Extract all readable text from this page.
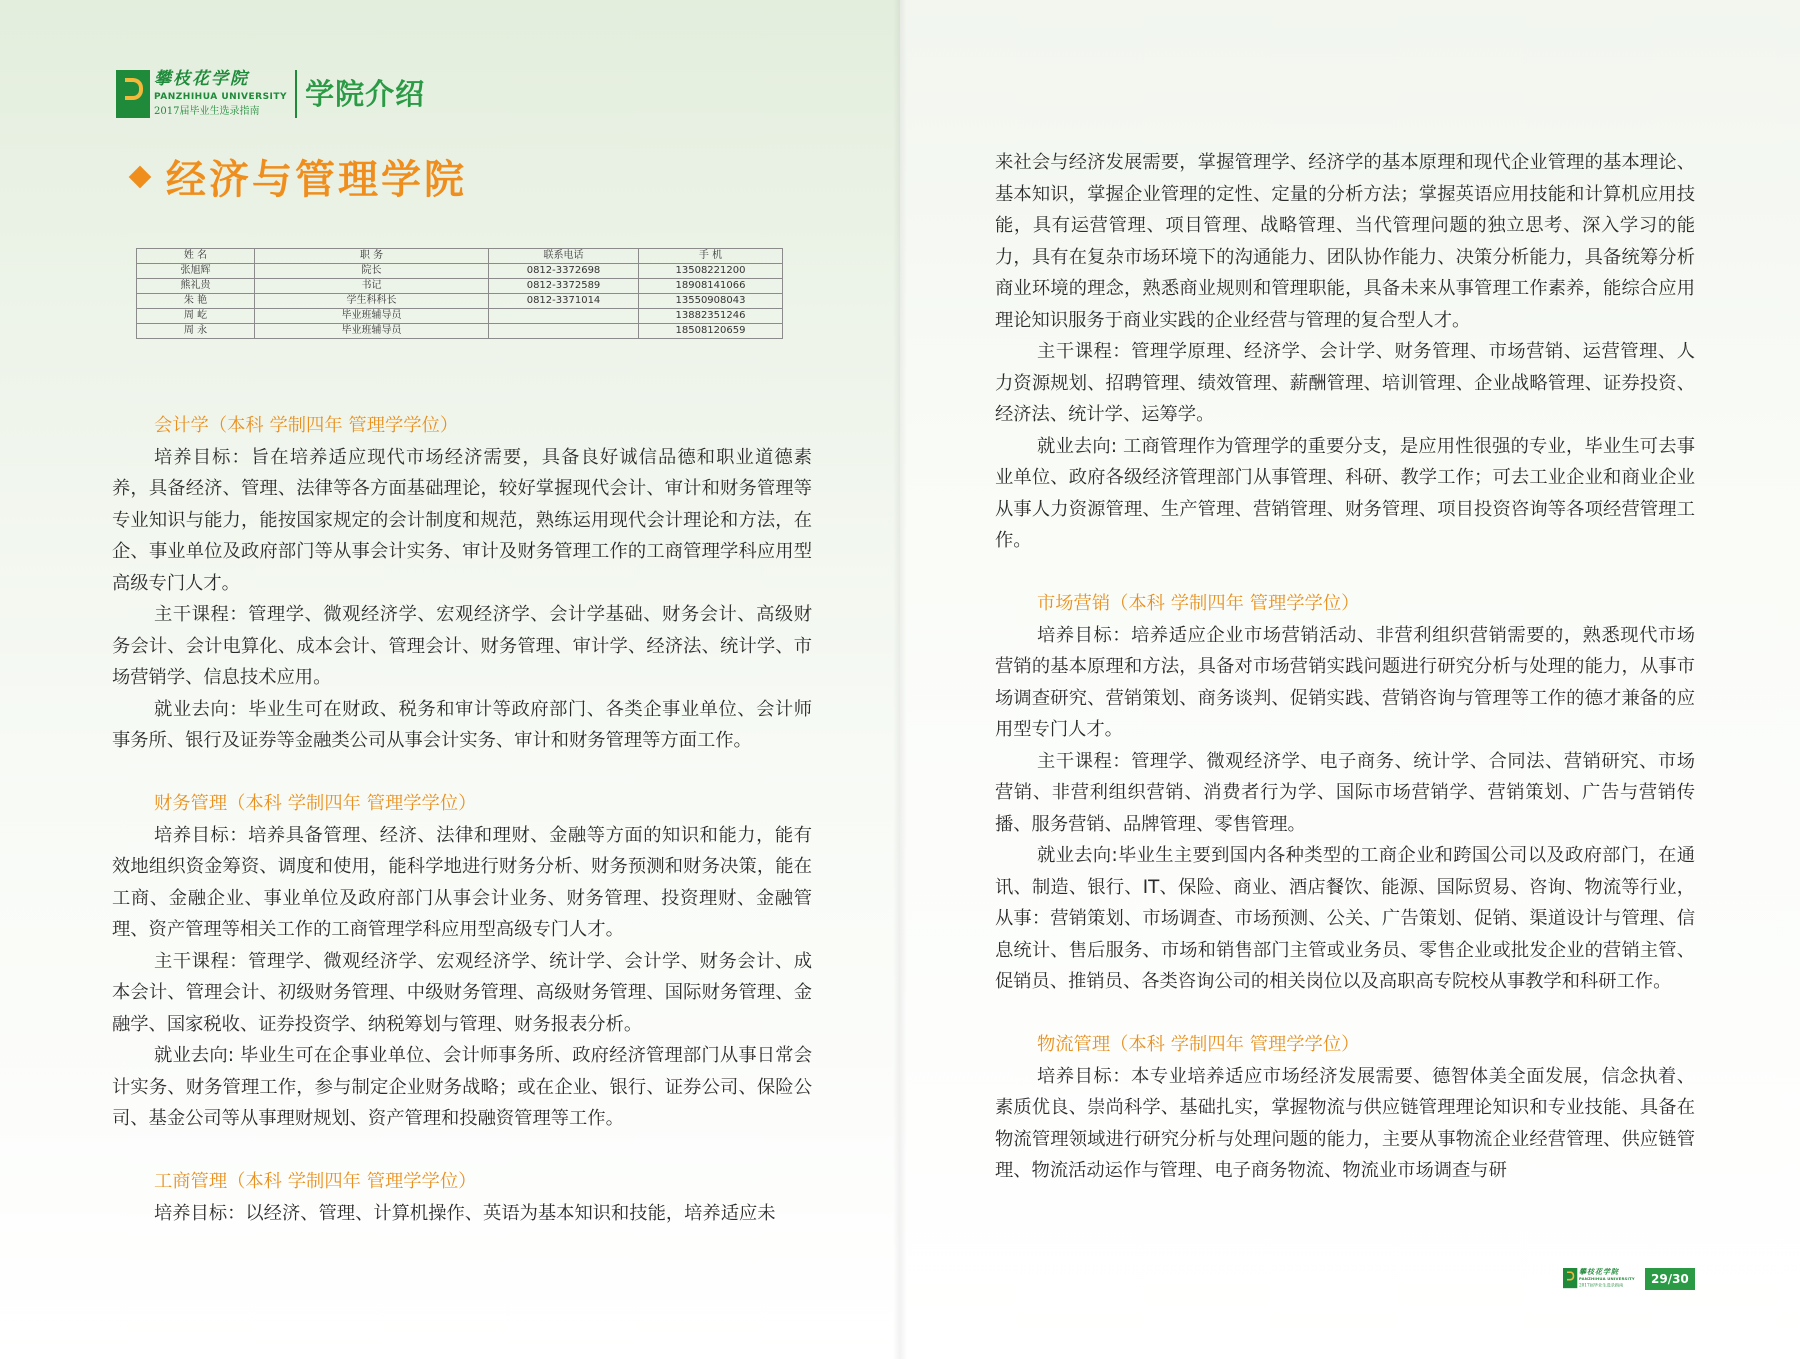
攀枝花学院
PANZHIHUA UNIVERSITY
2017届毕业生选录指南
学院介绍
经济与管理学院
姓 名	职 务	联系电话	手 机
张旭辉	院长	0812-3372698	13508221200
熊礼贵	书记	0812-3372589	18908141066
朱 艳	学生科科长	0812-3371014	13550908043
周 屹	毕业班辅导员		13882351246
周 永	毕业班辅导员		18508120659
会计学（本科 学制四年 管理学学位）

培养目标：旨在培养适应现代市场经济需要，具备良好诚信品德和职业道德素养，具备经济、管理、法律等各方面基础理论，较好掌握现代会计、审计和财务管理等专业知识与能力，能按国家规定的会计制度和规范，熟练运用现代会计理论和方法，在企、事业单位及政府部门等从事会计实务、审计及财务管理工作的工商管理学科应用型高级专门人才。

主干课程：管理学、微观经济学、宏观经济学、会计学基础、财务会计、高级财务会计、会计电算化、成本会计、管理会计、财务管理、审计学、经济法、统计学、市场营销学、信息技术应用。

就业去向：毕业生可在财政、税务和审计等政府部门、各类企事业单位、会计师事务所、银行及证券等金融类公司从事会计实务、审计和财务管理等方面工作。

财务管理（本科 学制四年 管理学学位）

培养目标：培养具备管理、经济、法律和理财、金融等方面的知识和能力，能有效地组织资金筹资、调度和使用，能科学地进行财务分析、财务预测和财务决策，能在工商、金融企业、事业单位及政府部门从事会计业务、财务管理、投资理财、金融管理、资产管理等相关工作的工商管理学科应用型高级专门人才。

主干课程：管理学、微观经济学、宏观经济学、统计学、会计学、财务会计、成本会计、管理会计、初级财务管理、中级财务管理、高级财务管理、国际财务管理、金融学、国家税收、证券投资学、纳税筹划与管理、财务报表分析。

就业去向: 毕业生可在企事业单位、会计师事务所、政府经济管理部门从事日常会计实务、财务管理工作，参与制定企业财务战略；或在企业、银行、证券公司、保险公司、基金公司等从事理财规划、资产管理和投融资管理等工作。

工商管理（本科 学制四年 管理学学位）

培养目标：以经济、管理、计算机操作、英语为基本知识和技能，培养适应未

来社会与经济发展需要，掌握管理学、经济学的基本原理和现代企业管理的基本理论、基本知识，掌握企业管理的定性、定量的分析方法；掌握英语应用技能和计算机应用技能，具有运营管理、项目管理、战略管理、当代管理问题的独立思考、深入学习的能力，具有在复杂市场环境下的沟通能力、团队协作能力、决策分析能力，具备统筹分析商业环境的理念，熟悉商业规则和管理职能，具备未来从事管理工作素养，能综合应用理论知识服务于商业实践的企业经营与管理的复合型人才。

主干课程：管理学原理、经济学、会计学、财务管理、市场营销、运营管理、人力资源规划、招聘管理、绩效管理、薪酬管理、培训管理、企业战略管理、证券投资、经济法、统计学、运筹学。

就业去向: 工商管理作为管理学的重要分支，是应用性很强的专业，毕业生可去事业单位、政府各级经济管理部门从事管理、科研、教学工作；可去工业企业和商业企业从事人力资源管理、生产管理、营销管理、财务管理、项目投资咨询等各项经营管理工作。

市场营销（本科 学制四年 管理学学位）

培养目标：培养适应企业市场营销活动、非营利组织营销需要的，熟悉现代市场营销的基本原理和方法，具备对市场营销实践问题进行研究分析与处理的能力，从事市场调查研究、营销策划、商务谈判、促销实践、营销咨询与管理等工作的德才兼备的应用型专门人才。

主干课程：管理学、微观经济学、电子商务、统计学、合同法、营销研究、市场营销、非营利组织营销、消费者行为学、国际市场营销学、营销策划、广告与营销传播、服务营销、品牌管理、零售管理。

就业去向:毕业生主要到国内各种类型的工商企业和跨国公司以及政府部门，在通讯、制造、银行、IT、保险、商业、酒店餐饮、能源、国际贸易、咨询、物流等行业，从事：营销策划、市场调查、市场预测、公关、广告策划、促销、渠道设计与管理、信息统计、售后服务、市场和销售部门主管或业务员、零售企业或批发企业的营销主管、促销员、推销员、各类咨询公司的相关岗位以及高职高专院校从事教学和科研工作。

物流管理（本科 学制四年 管理学学位）

培养目标：本专业培养适应市场经济发展需要、德智体美全面发展，信念执着、素质优良、崇尚科学、基础扎实，掌握物流与供应链管理理论知识和专业技能、具备在物流管理领域进行研究分析与处理问题的能力，主要从事物流企业经营管理、供应链管理、物流活动运作与管理、电子商务物流、物流业市场调查与研

攀枝花学院
PANZHIHUA UNIVERSITY
2017届毕业生选录指南	29/30
